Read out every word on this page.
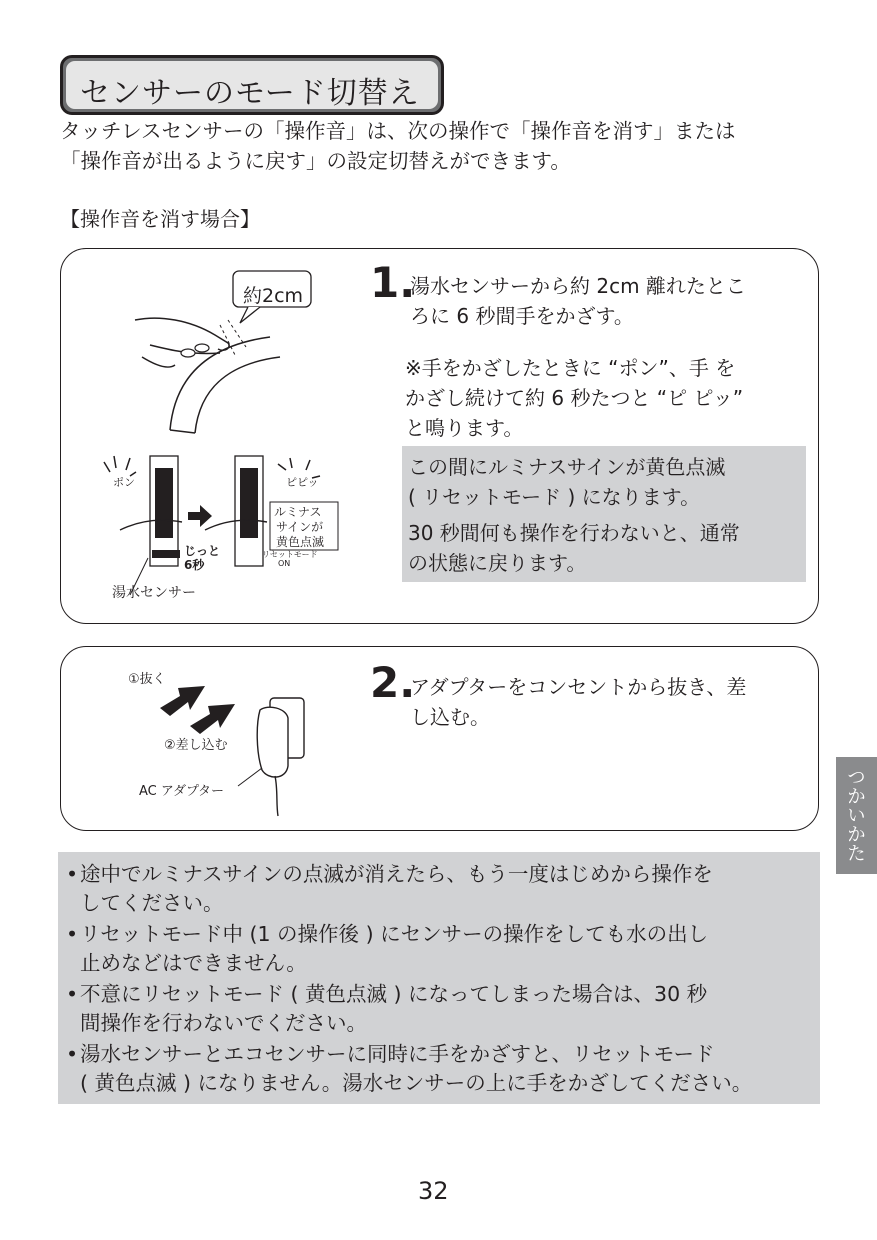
センサーのモード切替え
タッチレスセンサーの「操作音」は、次の操作で「操作音を消す」または
「操作音が出るように戻す」の設定切替えができます。
【操作音を消す場合】
約2cm
ポン	ピピッ
ルミナス
サインが
黄色点滅
じっと
6秒
リセットモード
ON
湯水センサー
1.
湯水センサーから約 2cm 離れたとこ
ろに 6 秒間手をかざす。
※手をかざしたときに “ポン”、手 を
かざし続けて約 6 秒たつと “ピ ピッ”
と鳴ります。
この間にルミナスサインが黄色点滅
( リセットモード ) になります。
30 秒間何も操作を行わないと、通常
の状態に戻ります。
①抜く
②差し込む
AC アダプター
2.
アダプターをコンセントから抜き、差
し込む。
• 途中でルミナスサインの点滅が消えたら、もう一度はじめから操作を
してください。
• リセットモード中 (1 の操作後 ) にセンサーの操作をしても水の出し
止めなどはできません。
• 不意にリセットモード ( 黄色点滅 ) になってしまった場合は、30 秒
間操作を行わないでください。
• 湯水センサーとエコセンサーに同時に手をかざすと、リセットモード
( 黄色点滅 ) になりません。湯水センサーの上に手をかざしてください。
つかいかた
32
